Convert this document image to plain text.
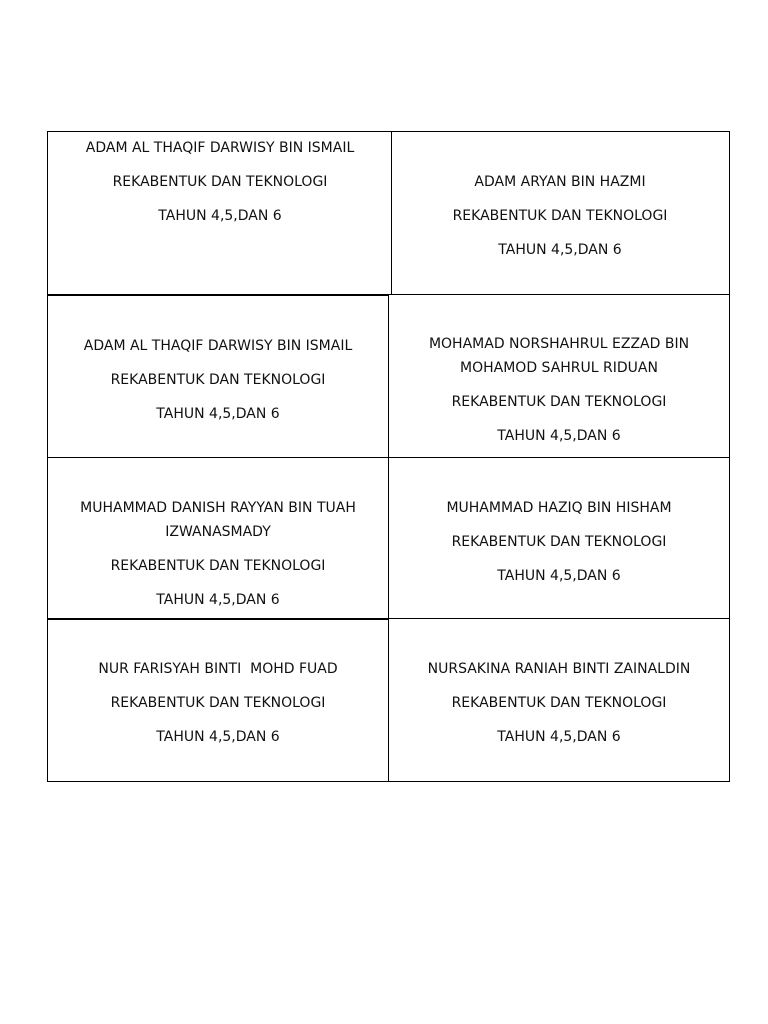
ADAM AL THAQIF DARWISY BIN ISMAIL
REKABENTUK DAN TEKNOLOGI
TAHUN 4,5,DAN 6
ADAM ARYAN BIN HAZMI
REKABENTUK DAN TEKNOLOGI
TAHUN 4,5,DAN 6
ADAM AL THAQIF DARWISY BIN ISMAIL
REKABENTUK DAN TEKNOLOGI
TAHUN 4,5,DAN 6
MOHAMAD NORSHAHRUL EZZAD BIN
MOHAMOD SAHRUL RIDUAN
REKABENTUK DAN TEKNOLOGI
TAHUN 4,5,DAN 6
MUHAMMAD DANISH RAYYAN BIN TUAH
IZWANASMADY
REKABENTUK DAN TEKNOLOGI
TAHUN 4,5,DAN 6
MUHAMMAD HAZIQ BIN HISHAM
REKABENTUK DAN TEKNOLOGI
TAHUN 4,5,DAN 6
NUR FARISYAH BINTI  MOHD FUAD
REKABENTUK DAN TEKNOLOGI
TAHUN 4,5,DAN 6
NURSAKINA RANIAH BINTI ZAINALDIN
REKABENTUK DAN TEKNOLOGI
TAHUN 4,5,DAN 6
